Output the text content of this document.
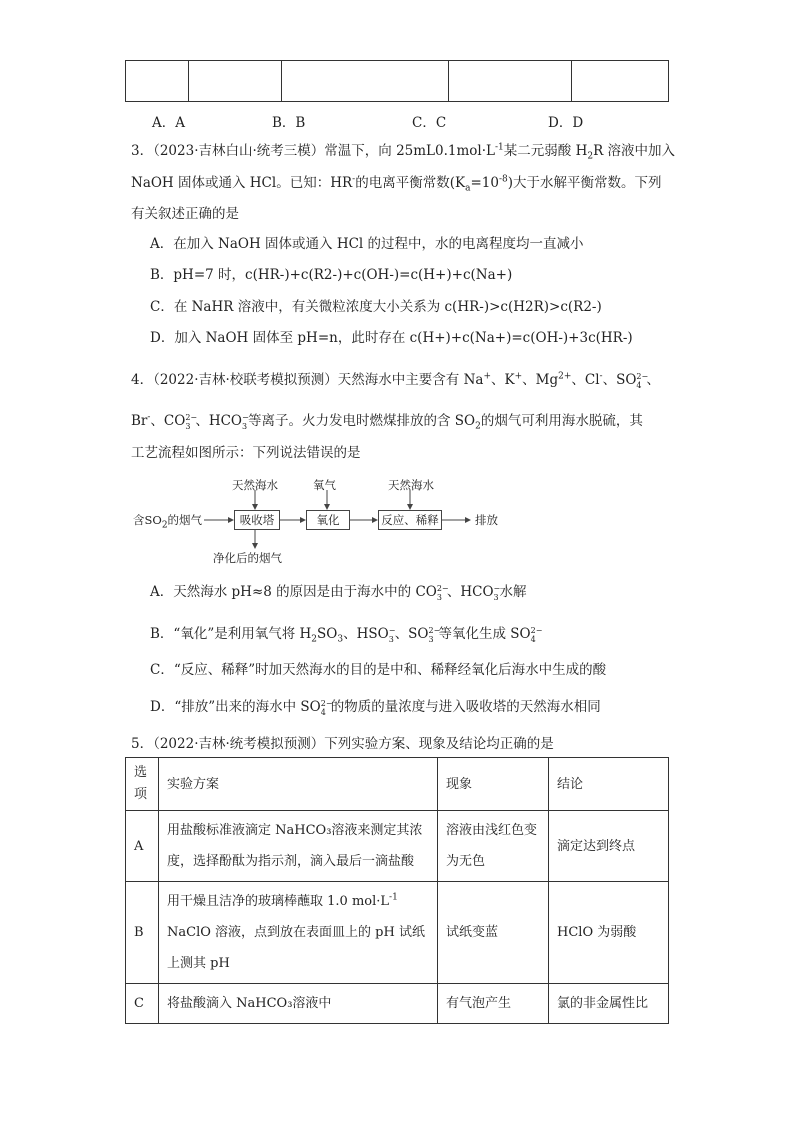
A．A	B．B	C．C	D．D
3．（2023·吉林白山·统考三模）常温下，向 $25mL0.1mol\cdot L^{-1}$某二元弱酸 $H_2R$ 溶液中加入
NaOH 固体或通入 HCl。已知：HR-的电离平衡常数$(K_a=10^{-8})$大于水解平衡常数。下列
有关叙述正确的是
A．在加入 NaOH 固体或通入 HCl 的过程中，水的电离程度均一直减小
B．pH=7 时，c(HR-)+c(R2-)+c(OH-)=c(H+)+c(Na+)
C．在 NaHR 溶液中，有关微粒浓度大小关系为 c(HR-)>c(H2R)>c(R2-)
D．加入 NaOH 固体至 pH=n，此时存在 c(H+)+c(Na+)=c(OH-)+3c(HR-)
4．（2022·吉林·校联考模拟预测）天然海水中主要含有 Na+、K+、$Mg^{2+}$、Cl-、SO 2−
4 、
Br-、CO 2−
3 、HCO −
3 等离子。火力发电时燃煤排放的含 $SO_2$的烟气可利用海水脱硫，其
工艺流程如图所示：下列说法错误的是
含$SO_2$的烟气
天然海水
吸收塔
氧气
氧化
天然海水
反应、稀释	排放
净化后的烟气
A．天然海水 pH≈8 的原因是由于海水中的 CO 2−
3 、HCO −
3 水解
B．“氧化”是利用氧气将 $H_2SO_3$、HSO −
3 、SO 2−
3 等氧化生成 SO 2−
4
C．“反应、稀释”时加天然海水的目的是中和、稀释经氧化后海水中生成的酸
D．“排放”出来的海水中 SO 2−
4 的物质的量浓度与进入吸收塔的天然海水相同
5．（2022·吉林·统考模拟预测）下列实验方案、现象及结论均正确的是
选项	实验方案	现象	结论
A	用盐酸标准液滴定 NaHCO₃溶液来测定其浓度，选择酚酞为指示剂，滴入最后一滴盐酸	溶液由浅红色变为无色	滴定达到终点
B	用干燥且洁净的玻璃棒蘸取 1.0 $mol\cdot L^{-1}$
NaClO 溶液，点到放在表面皿上的 pH 试纸上测其 pH	试纸变蓝	HClO 为弱酸
C	将盐酸滴入 NaHCO₃溶液中	有气泡产生	氯的非金属性比
